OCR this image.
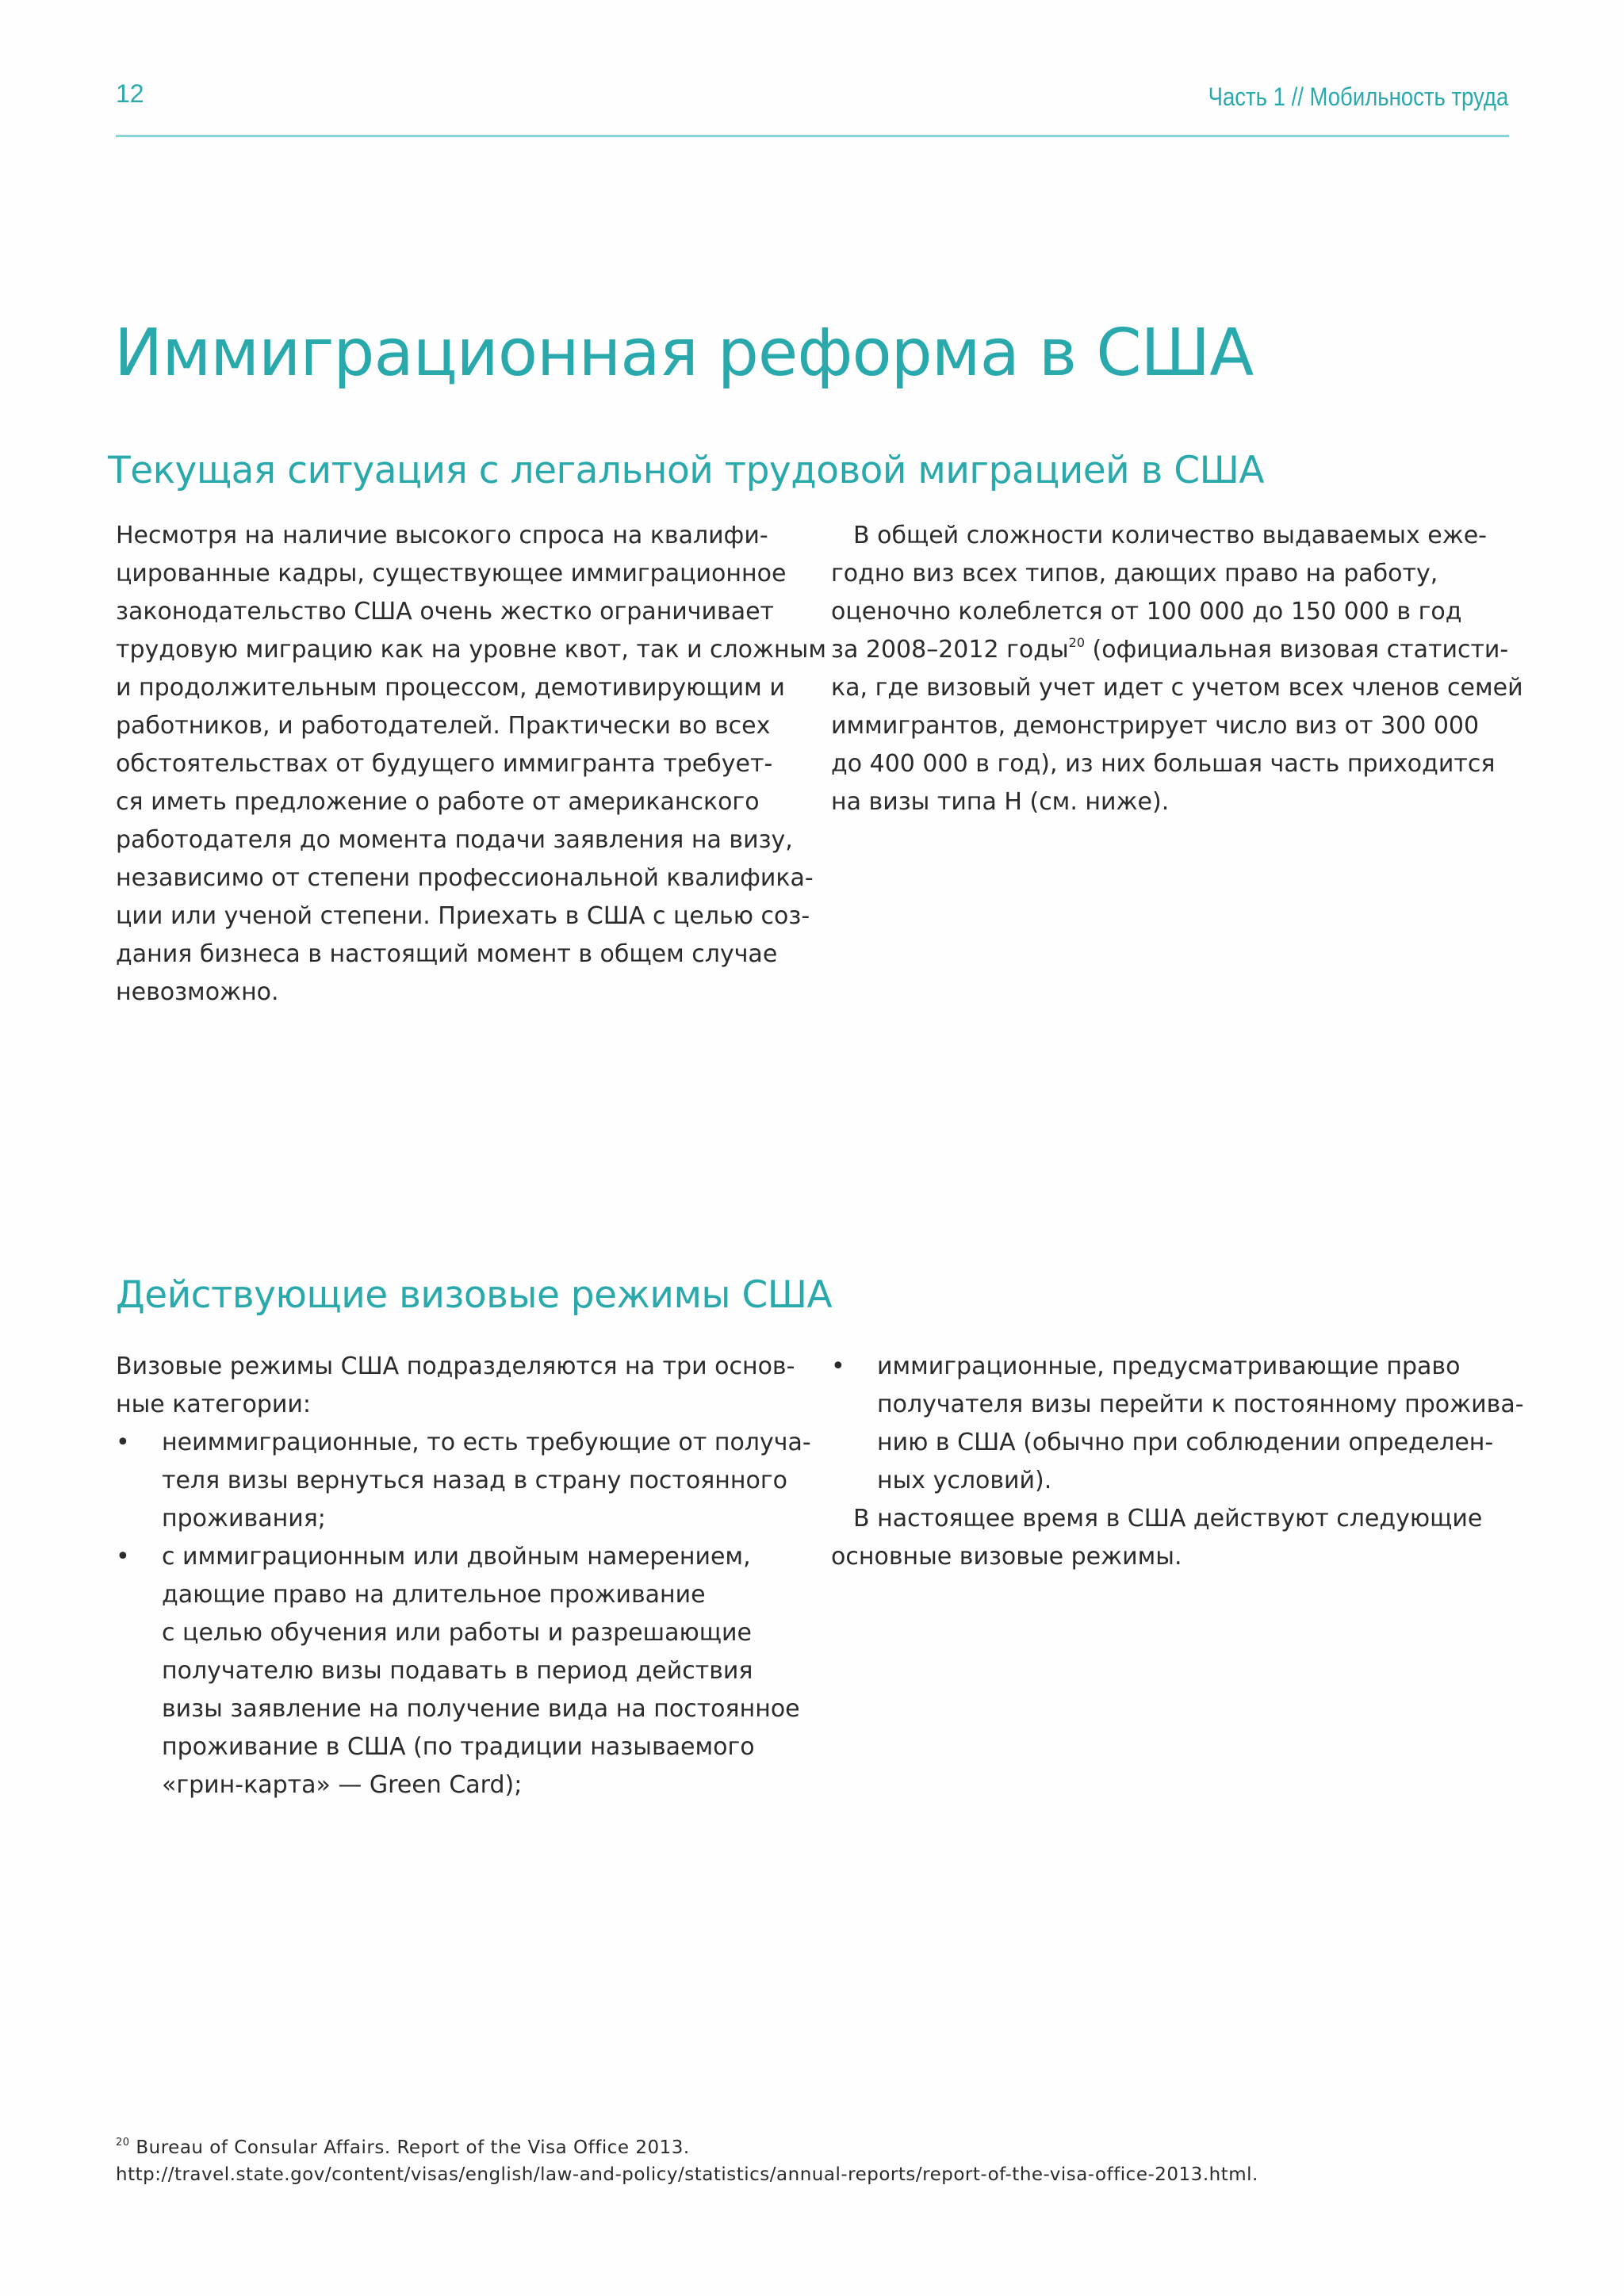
12	Часть 1 // Мобильность труда
Иммиграционная реформа в США
Текущая ситуация с легальной трудовой миграцией в США

Несмотря на наличие высокого спроса на квалифи-

цированные кадры, существующее иммиграционное

законодательство США очень жестко ограничивает

трудовую миграцию как на уровне квот, так и сложным

и продолжительным процессом, демотивирующим и

работников, и работодателей. Практически во всех

обстоятельствах от будущего иммигранта требует-

ся иметь предложение о работе от американского

работодателя до момента подачи заявления на визу,

независимо от степени профессиональной квалифика-

ции или ученой степени. Приехать в США с целью соз-

дания бизнеса в настоящий момент в общем случае

невозможно.

В общей сложности количество выдаваемых еже-

годно виз всех типов, дающих право на работу,

оценочно колеблется от 100 000 до 150 000 в год

за 2008–2012 годы$^{20}$ (официальная визовая статисти-

ка, где визовый учет идет с учетом всех членов семей

иммигрантов, демонстрирует число виз от 300 000

до 400 000 в год), из них большая часть приходится

на визы типа H (см. ниже).

Действующие визовые режимы США

Визовые режимы США подразделяются на три основ-

ные категории:

• неиммиграционные, то есть требующие от получа-

теля визы вернуться назад в страну постоянного

проживания;

• с иммиграционным или двойным намерением,

дающие право на длительное проживание

с целью обучения или работы и разрешающие

получателю визы подавать в период действия

визы заявление на получение вида на постоянное

проживание в США (по традиции называемого

«грин-карта» — Green Card);

• иммиграционные, предусматривающие право

получателя визы перейти к постоянному прожива-

нию в США (обычно при соблюдении определен-

ных условий).

В настоящее время в США действуют следующие

основные визовые режимы.

$^{20}$ Bureau of Consular Affairs. Report of the Visa Office 2013.

http://travel.state.gov/content/visas/english/law-and-policy/statistics/annual-reports/report-of-the-visa-office-2013.html.
